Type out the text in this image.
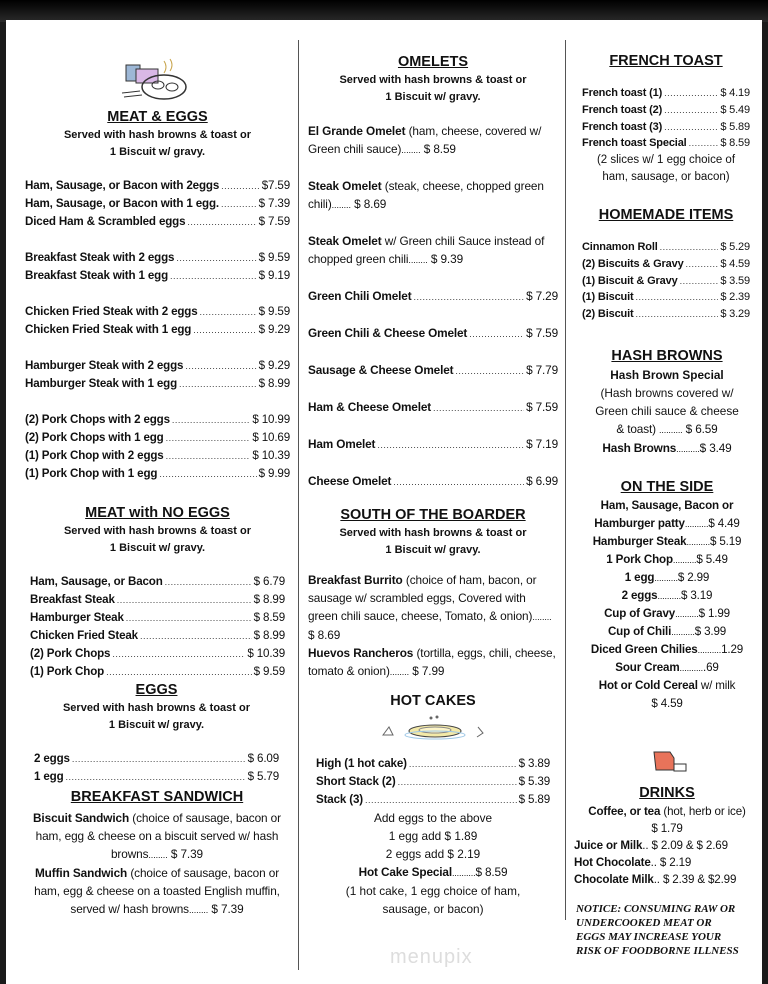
menupix
MEAT & EGGS
Served with hash browns & toast or
1 Biscuit w/ gravy.
Ham, Sausage, or Bacon with 2eggs .....	$7.59
Ham, Sausage, or Bacon with 1 egg. .....	$ 7.39
Diced Ham & Scrambled eggs .....	$ 7.59
Breakfast Steak with 2 eggs .....	$ 9.59
Breakfast Steak with 1 egg .....	$ 9.19
Chicken Fried Steak with 2 eggs .....	$ 9.59
Chicken Fried Steak with 1 egg .....	$ 9.29
Hamburger Steak with 2 eggs .....	$ 9.29
Hamburger Steak with 1 egg .....	$ 8.99
(2) Pork Chops with 2 eggs .....	$ 10.99
(2) Pork Chops with 1 egg .....	$ 10.69
(1) Pork Chop with 2 eggs .....	$ 10.39
(1) Pork Chop with 1 egg .....	$ 9.99
MEAT with NO EGGS
Served with hash browns & toast or
1 Biscuit w/ gravy.
Ham, Sausage, or Bacon .....	$ 6.79
Breakfast Steak .....	$ 8.99
Hamburger Steak .....	$ 8.59
Chicken Fried Steak .....	$ 8.99
(2) Pork Chops .....	$ 10.39
(1) Pork Chop .....	$ 9.59
EGGS
Served with hash browns & toast or
1 Biscuit w/ gravy.
2 eggs .....	$ 6.09
1 egg .....	$ 5.79
BREAKFAST SANDWICH
Biscuit Sandwich (choice of sausage, bacon or ham, egg & cheese on a biscuit served w/ hash browns ........ $ 7.39
Muffin Sandwich (choice of sausage, bacon or ham, egg & cheese on a toasted English muffin, served w/ hash browns ........ $ 7.39
OMELETS
Served with hash browns & toast or
1 Biscuit w/ gravy.
El Grande Omelet (ham, cheese, covered w/ Green chili sauce) ........ $ 8.59
Steak Omelet (steak, cheese, chopped green chili) ........ $ 8.69
Steak Omelet w/ Green chili Sauce instead of chopped green chili ........ $ 9.39
Green Chili Omelet .....	$ 7.29
Green Chili & Cheese Omelet .....	$ 7.59
Sausage & Cheese Omelet .....	$ 7.79
Ham & Cheese Omelet .....	$ 7.59
Ham Omelet .....	$ 7.19
Cheese Omelet .....	$ 6.99
SOUTH OF THE BOARDER
Served with hash browns & toast or
1 Biscuit w/ gravy.
Breakfast Burrito (choice of ham, bacon, or sausage w/ scrambled eggs, Covered with green chili sauce, cheese, Tomato, & onion)........ $ 8.69
Huevos Rancheros (tortilla, eggs, chili, cheese, tomato & onion) ........ $ 7.99
HOT CAKES
High (1 hot cake) .....	$ 3.89
Short Stack (2) .....	$ 5.39
Stack (3) .....	$ 5.89
Add eggs to the above
1 egg add $ 1.89
2 eggs add $ 2.19
Hot Cake Special ..... $ 8.59
(1 hot cake, 1 egg choice of ham,
sausage, or bacon)
FRENCH TOAST
French toast (1) .....	$ 4.19
French toast (2) .....	$ 5.49
French toast (3) .....	$ 5.89
French toast Special .....	$ 8.59
(2 slices w/ 1 egg choice of
ham, sausage, or bacon)
HOMEMADE ITEMS
Cinnamon Roll .....	$ 5.29
(2) Biscuits & Gravy .....	$ 4.59
(1) Biscuit & Gravy .....	$ 3.59
(1) Biscuit .....	$ 2.39
(2) Biscuit .....	$ 3.29
HASH BROWNS
Hash Brown Special
(Hash browns covered w/
Green chili sauce & cheese
& toast) .....	$ 6.59
Hash Browns ..... $ 3.49
ON THE SIDE
Ham, Sausage, Bacon or
Hamburger patty ..... $ 4.49
Hamburger Steak ..... $ 5.19
1 Pork Chop ..... $ 5.49
1 egg ..... $ 2.99
2 eggs ..... $ 3.19
Cup of Gravy ..... $ 1.99
Cup of Chili ..... $ 3.99
Diced Green Chilies ..... 1.29
Sour Cream ..... .69
Hot or Cold Cereal w/ milk
$ 4.59
DRINKS
Coffee, or tea (hot, herb or ice)
$ 1.79
Juice or Milk.. $ 2.09 & $ 2.69
Hot Chocolate.. $ 2.19
Chocolate Milk.. $ 2.39 & $2.99
NOTICE: CONSUMING RAW OR
UNDERCOOKED MEAT OR
EGGS MAY INCREASE YOUR
RISK OF FOODBORNE ILLNESS
